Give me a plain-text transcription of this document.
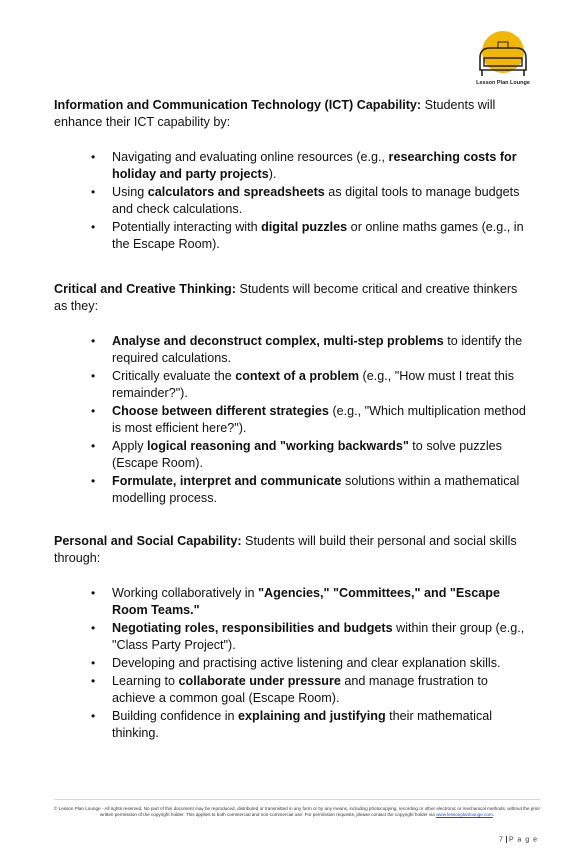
Lesson Plan Lounge

Information and Communication Technology (ICT) Capability: Students will enhance their ICT capability by:

• Navigating and evaluating online resources (e.g., researching costs for holiday and party projects).
• Using calculators and spreadsheets as digital tools to manage budgets and check calculations.
• Potentially interacting with digital puzzles or online maths games (e.g., in the Escape Room).

Critical and Creative Thinking: Students will become critical and creative thinkers as they:

• Analyse and deconstruct complex, multi-step problems to identify the required calculations.
• Critically evaluate the context of a problem (e.g., "How must I treat this remainder?").
• Choose between different strategies (e.g., "Which multiplication method is most efficient here?").
• Apply logical reasoning and "working backwards" to solve puzzles (Escape Room).
• Formulate, interpret and communicate solutions within a mathematical modelling process.

Personal and Social Capability: Students will build their personal and social skills through:

• Working collaboratively in "Agencies," "Committees," and "Escape Room Teams."
• Negotiating roles, responsibilities and budgets within their group (e.g., "Class Party Project").
• Developing and practising active listening and clear explanation skills.
• Learning to collaborate under pressure and manage frustration to achieve a common goal (Escape Room).
• Building confidence in explaining and justifying their mathematical thinking.
© Lesson Plan Lounge - All rights reserved. No part of this document may be reproduced, distributed or transmitted in any form or by any means, including photocopying, recording or other electronic or mechanical methods, without the prior written permission of the copyright holder. This applies to both commercial and non-commercial use. For permission requests, please contact the copyright holder via www.lessonplanlounge.com.
7 P a g e
